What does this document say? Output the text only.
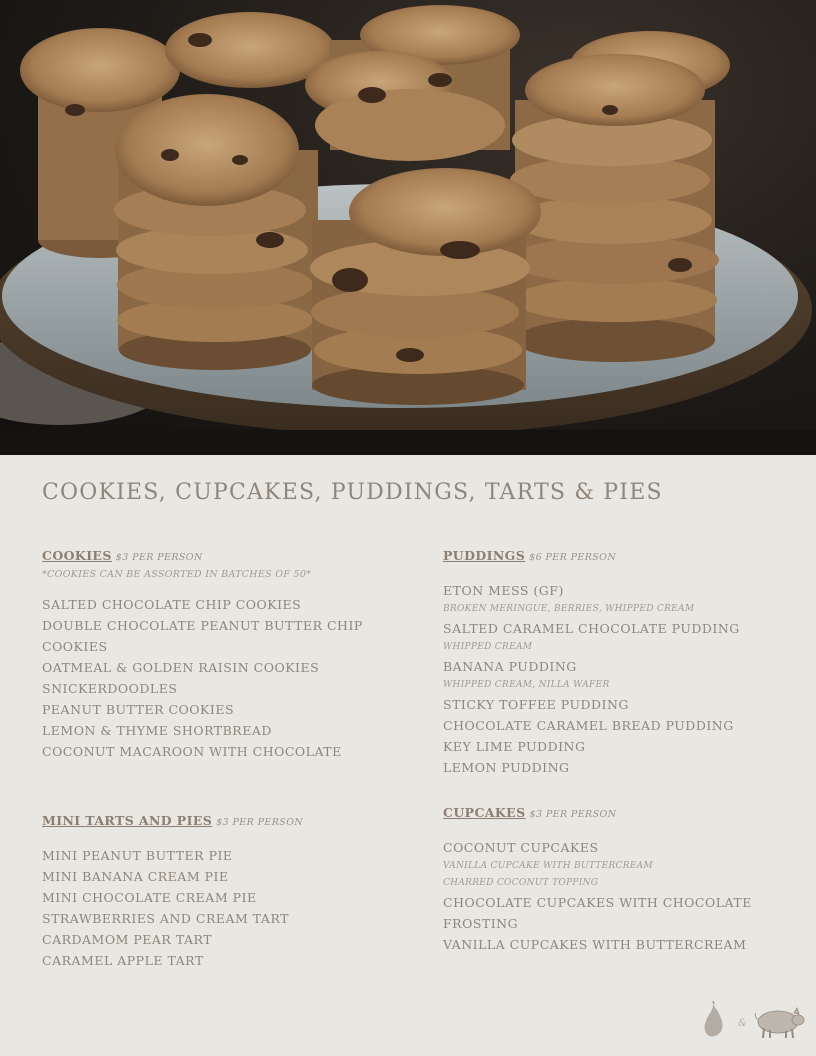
COOKIES, CUPCAKES, PUDDINGS, TARTS & PIES
COOKIES $3 PER PERSON
*COOKIES CAN BE ASSORTED IN BATCHES OF 50*
SALTED CHOCOLATE CHIP COOKIES
DOUBLE CHOCOLATE PEANUT BUTTER CHIP COOKIES
OATMEAL & GOLDEN RAISIN COOKIES
SNICKERDOODLES
PEANUT BUTTER COOKIES
LEMON & THYME SHORTBREAD
COCONUT MACAROON WITH CHOCOLATE
MINI TARTS AND PIES $3 PER PERSON
MINI PEANUT BUTTER PIE
MINI BANANA CREAM PIE
MINI CHOCOLATE CREAM PIE
STRAWBERRIES AND CREAM TART
CARDAMOM PEAR TART
CARAMEL APPLE TART
PUDDINGS $6 PER PERSON
ETON MESS (GF)
BROKEN MERINGUE, BERRIES, WHIPPED CREAM
SALTED CARAMEL CHOCOLATE PUDDING
WHIPPED CREAM
BANANA PUDDING
WHIPPED CREAM, NILLA WAFER
STICKY TOFFEE PUDDING
CHOCOLATE CARAMEL BREAD PUDDING
KEY LIME PUDDING
LEMON PUDDING
CUPCAKES $3 PER PERSON
COCONUT CUPCAKES
VANILLA CUPCAKE WITH BUTTERCREAM
CHARRED COCONUT TOPPING
CHOCOLATE CUPCAKES WITH CHOCOLATE FROSTING
VANILLA CUPCAKES WITH BUTTERCREAM
&
